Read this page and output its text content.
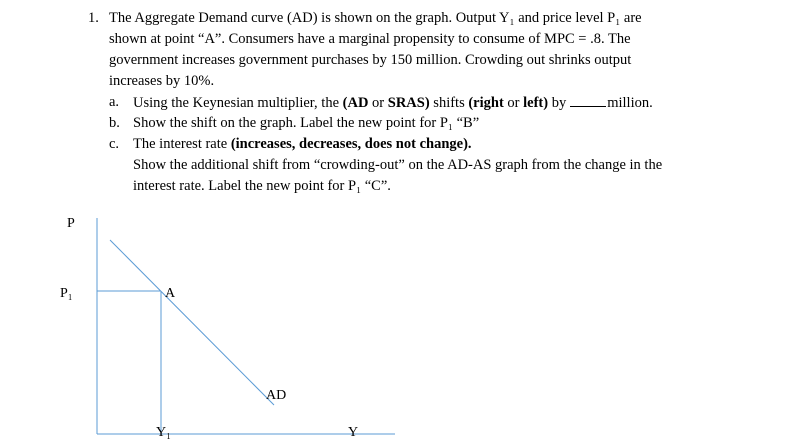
1. The Aggregate Demand curve (AD) is shown on the graph. Output Y₁ and price level P₁ are
shown at point “A”. Consumers have a marginal propensity to consume of MPC = .8. The
government increases government purchases by 150 million. Crowding out shrinks output
increases by 10%.
a. Using the Keynesian multiplier, the (AD or SRAS) shifts (right or left) by	million.
b. Show the shift on the graph. Label the new point for P₁ “B”
c. The interest rate (increases, decreases, does not change).
Show the additional shift from “crowding-out” on the AD-AS graph from the change in the
interest rate. Label the new point for P₁ “C”.
P
P₁	A
AD
Y₁	Y
